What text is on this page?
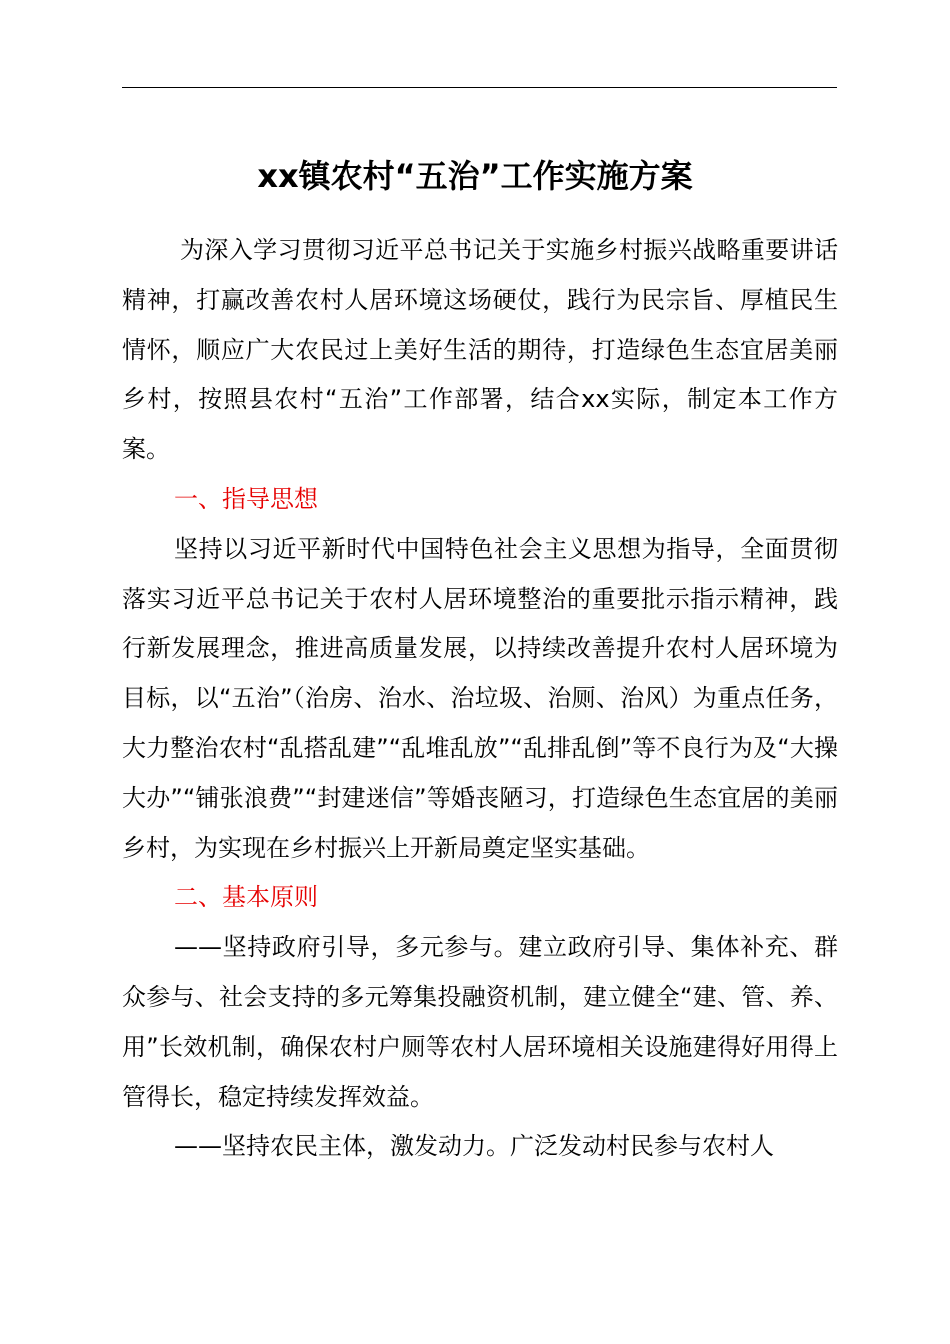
xx镇农村“五治”工作实施方案

为深入学习贯彻习近平总书记关于实施乡村振兴战略重要讲话精神，打赢改善农村人居环境这场硬仗，践行为民宗旨、厚植民生情怀，顺应广大农民过上美好生活的期待，打造绿色生态宜居美丽乡村，按照县农村“五治”工作部署，结合xx实际，制定本工作方案。

一、指导思想

坚持以习近平新时代中国特色社会主义思想为指导，全面贯彻落实习近平总书记关于农村人居环境整治的重要批示指示精神，践行新发展理念，推进高质量发展，以持续改善提升农村人居环境为目标，以“五治”（治房、治水、治垃圾、治厕、治风）为重点任务，大力整治农村“乱搭乱建”“乱堆乱放”“乱排乱倒”等不良行为及“大操大办”“铺张浪费”“封建迷信”等婚丧陋习，打造绿色生态宜居的美丽乡村，为实现在乡村振兴上开新局奠定坚实基础。

二、基本原则

——坚持政府引导，多元参与。建立政府引导、集体补充、群众参与、社会支持的多元筹集投融资机制，建立健全“建、管、养、用”长效机制，确保农村户厕等农村人居环境相关设施建得好用得上管得长，稳定持续发挥效益。

——坚持农民主体，激发动力。广泛发动村民参与农村人
